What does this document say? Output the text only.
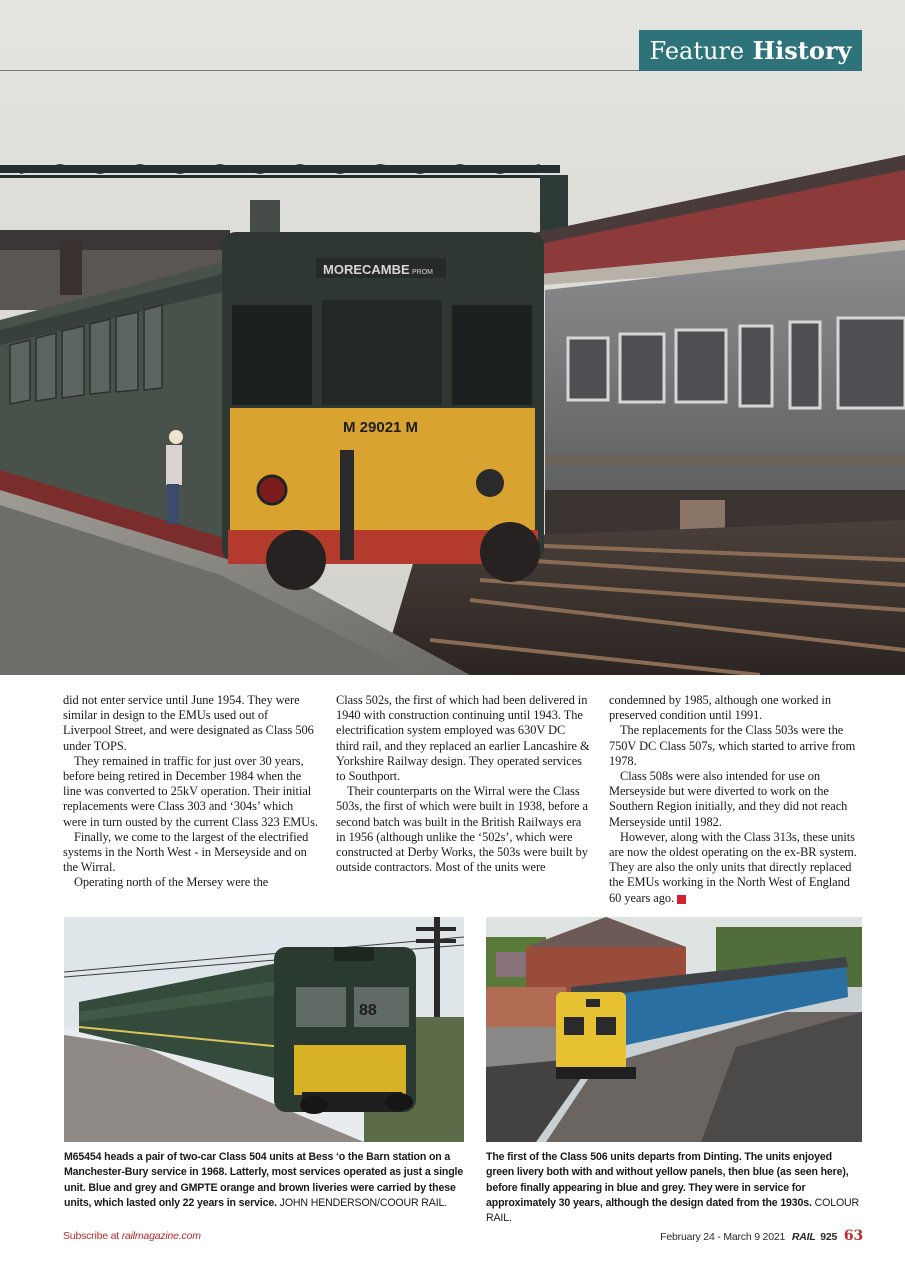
Feature History
MORECAMBE PROM
M 29021 M

did not enter service until June 1954. They were similar in design to the EMUs used out of Liverpool Street, and were designated as Class 506 under TOPS.

They remained in traffic for just over 30 years, before being retired in December 1984 when the line was converted to 25kV operation. Their initial replacements were Class 303 and ‘304s’ which were in turn ousted by the current Class 323 EMUs.

Finally, we come to the largest of the electrified systems in the North West - in Merseyside and on the Wirral.

Operating north of the Mersey were the

Class 502s, the first of which had been delivered in 1940 with construction continuing until 1943. The electrification system employed was 630V DC third rail, and they replaced an earlier Lancashire & Yorkshire Railway design. They operated services to Southport.

Their counterparts on the Wirral were the Class 503s, the first of which were built in 1938, before a second batch was built in the British Railways era in 1956 (although unlike the ‘502s’, which were constructed at Derby Works, the 503s were built by outside contractors. Most of the units were

condemned by 1985, although one worked in preserved condition until 1991.

The replacements for the Class 503s were the 750V DC Class 507s, which started to arrive from 1978.

Class 508s were also intended for use on Merseyside but were diverted to work on the Southern Region initially, and they did not reach Merseyside until 1982.

However, along with the Class 313s, these units are now the oldest operating on the ex-BR system. They are also the only units that directly replaced the EMUs working in the North West of England 60 years ago. R

88
M65454 heads a pair of two-car Class 504 units at Bess ‘o the Barn station on a Manchester-Bury service in 1968. Latterly, most services operated as just a single unit. Blue and grey and GMPTE orange and brown liveries were carried by these units, which lasted only 22 years in service. JOHN HENDERSON/COOUR RAIL.
The first of the Class 506 units departs from Dinting. The units enjoyed green livery both with and without yellow panels, then blue (as seen here), before finally appearing in blue and grey. They were in service for approximately 30 years, although the design dated from the 1930s. COLOUR RAIL.
Subscribe at railmagazine.com	February 24 - March 9 2021 RAIL 925 63
